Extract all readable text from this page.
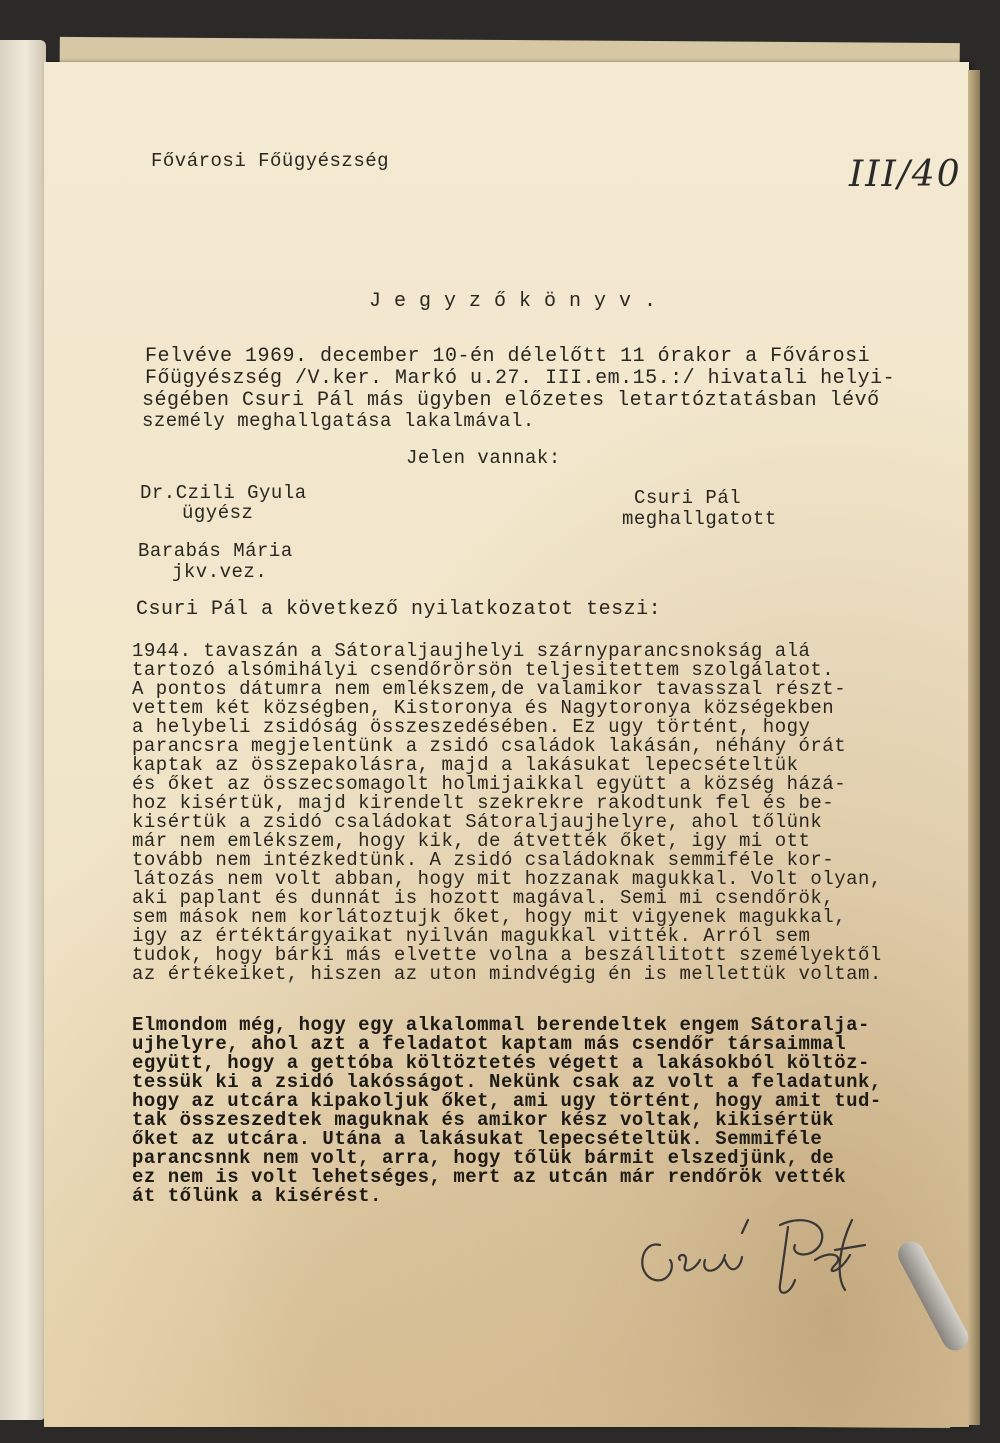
III/40
Fővárosi Főügyészség
J e g y z ő k ö n y v .
Felvéve 1969. december 10-én délelőtt 11 órakor a Fővárosi
Főügyészség /V.ker. Markó u.27. III.em.15.:/ hivatali helyi-
ségében Csuri Pál más ügyben előzetes letartóztatásban lévő
személy meghallgatása lakalmával.
Jelen vannak:
Dr.Czili Gyula
ügyész
Csuri Pál
meghallgatott
Barabás Mária
jkv.vez.
Csuri Pál a következő nyilatkozatot teszi:
1944. tavaszán a Sátoraljaujhelyi szárnyparancsnokság alá
tartozó alsómihályi csendőrörsön teljesitettem szolgálatot.
A pontos dátumra nem emlékszem,de valamikor tavasszal részt-
vettem két községben, Kistoronya és Nagytoronya községekben
a helybeli zsidóság összeszedésében. Ez ugy történt, hogy
parancsra megjelentünk a zsidó családok lakásán, néhány órát
kaptak az összepakolásra, majd a lakásukat lepecsételtük
és őket az összecsomagolt holmijaikkal együtt a község házá-
hoz kisértük, majd kirendelt szekrekre rakodtunk fel és be-
kisértük a zsidó családokat Sátoraljaujhelyre, ahol tőlünk
már nem emlékszem, hogy kik, de átvették őket, igy mi ott
tovább nem intézkedtünk. A zsidó családoknak semmiféle kor-
látozás nem volt abban, hogy mit hozzanak magukkal. Volt olyan,
aki paplant és dunnát is hozott magával. Semi mi csendőrök,
sem mások nem korlátoztujk őket, hogy mit vigyenek magukkal,
igy az értéktárgyaikat nyilván magukkal vitték. Arról sem
tudok, hogy bárki más elvette volna a beszállitott személyektől
az értékeiket, hiszen az uton mindvégig én is mellettük voltam.
Elmondom még, hogy egy alkalommal berendeltek engem Sátoralja-
ujhelyre, ahol azt a feladatot kaptam más csendőr társaimmal
együtt, hogy a gettóba költöztetés végett a lakásokból költöz-
tessük ki a zsidó lakósságot. Nekünk csak az volt a feladatunk,
hogy az utcára kipakoljuk őket, ami ugy történt, hogy amit tud-
tak összeszedtek maguknak és amikor kész voltak, kikisértük
őket az utcára. Utána a lakásukat lepecsételtük. Semmiféle
parancsnnk nem volt, arra, hogy tőlük bármit elszedjünk, de
ez nem is volt lehetséges, mert az utcán már rendőrök vették
át tőlünk a kisérést.
